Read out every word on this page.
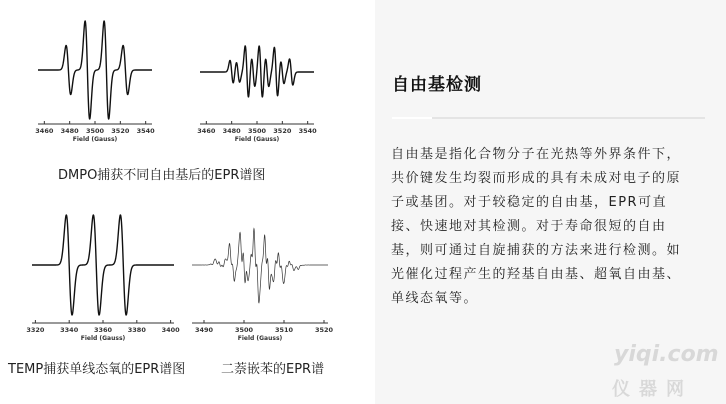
3460 3480 3500 3520 3540
Field (Gauss)
3460 3480 3500 3520 3540
Field (Gauss)
DMPO捕获不同自由基后的EPR谱图
3320 3340 3360 3380 3400
Field (Gauss)
3490	3500	3510	3520
Field (Gauss)
TEMP捕获单线态氧的EPR谱图	二萘嵌苯的EPR谱
自由基检测
自由基是指化合物分子在光热等外界条件下，共价键发生均裂而形成的具有未成对电子的原子或基团。对于较稳定的自由基，EPR可直接、快速地对其检测。对于寿命很短的自由基，则可通过自旋捕获的方法来进行检测。如光催化过程产生的羟基自由基、超氧自由基、单线态氧等。
yiqi.com
仪器网
